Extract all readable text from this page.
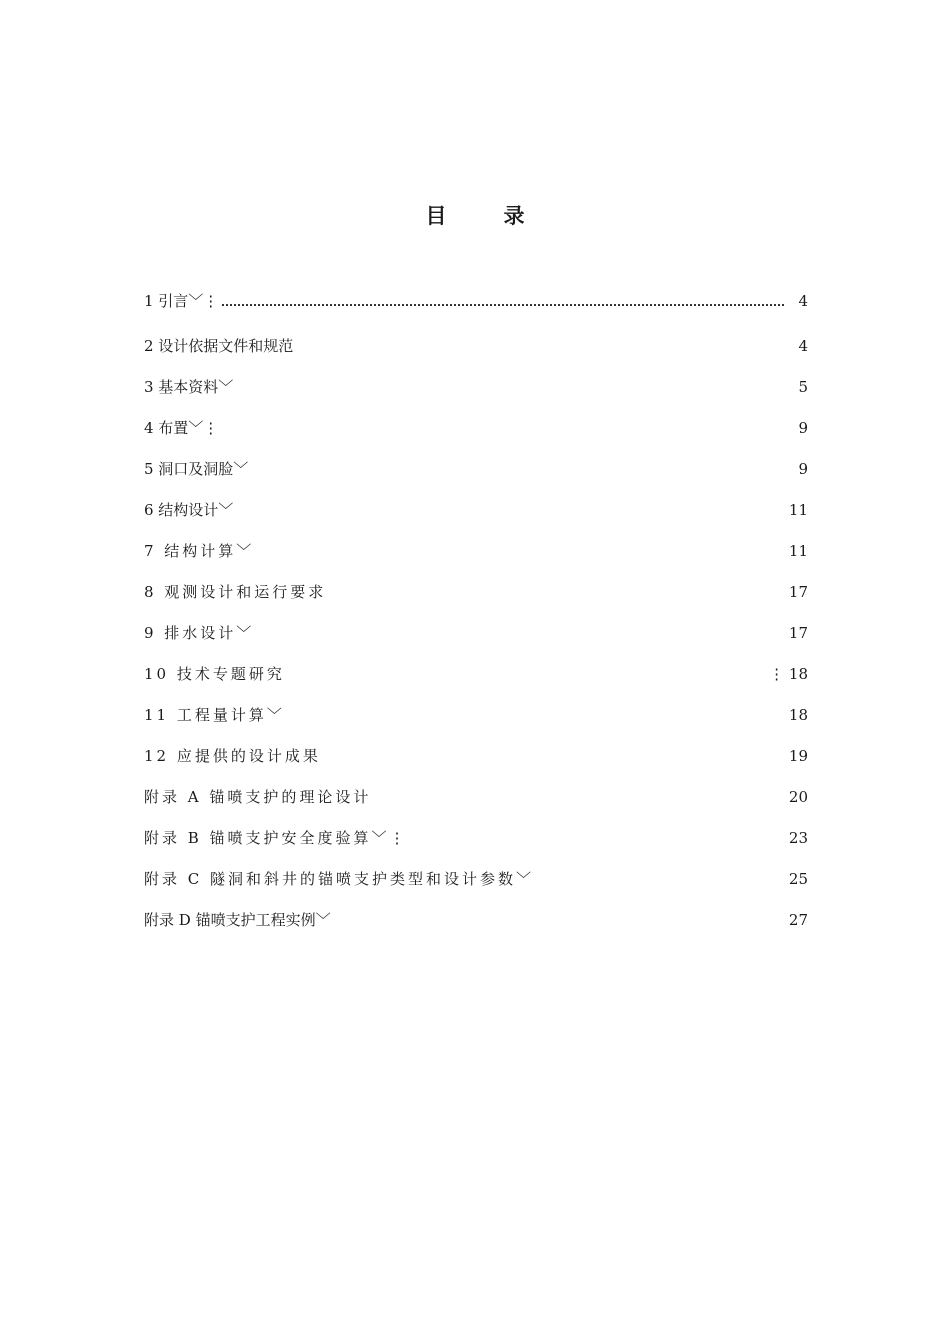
目　录
1 引言﹀⋮	4
2 设计依据文件和规范	4
3 基本资料﹀	5
4 布置﹀⋮	9
5 洞口及洞脸﹀	9
6 结构设计﹀	11
7 结构计算﹀	11
8 观测设计和运行要求	17
9 排水设计﹀	17
10 技术专题研究	⋮ 18
11 工程量计算﹀	18
12 应提供的设计成果	19
附录 A 锚喷支护的理论设计	20
附录 B 锚喷支护安全度验算﹀⋮	23
附录 C 隧洞和斜井的锚喷支护类型和设计参数﹀	25
附录 D 锚喷支护工程实例﹀	27
